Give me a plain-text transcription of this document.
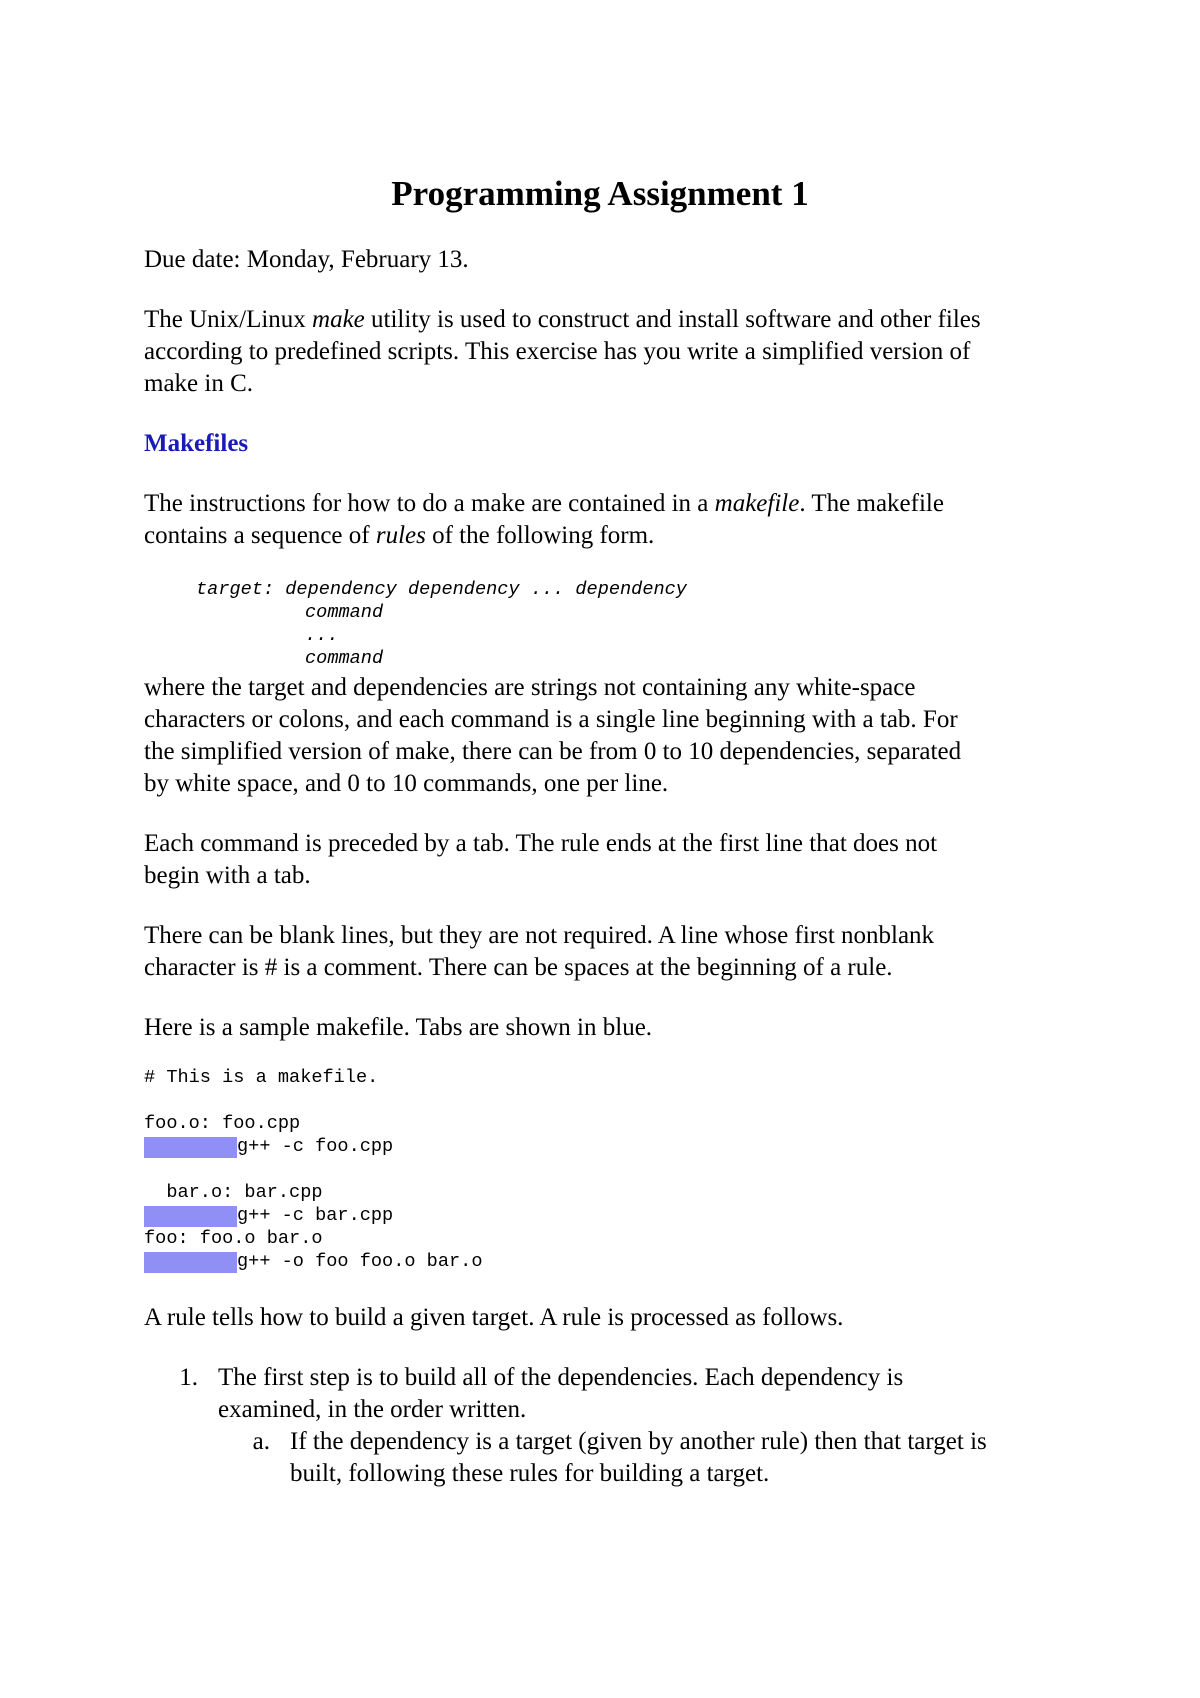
Programming Assignment 1

Due date: Monday, February 13.

The Unix/Linux make utility is used to construct and install software and other files

according to predefined scripts. This exercise has you write a simplified version of

make in C.

Makefiles

The instructions for how to do a make are contained in a makefile. The makefile

contains a sequence of rules of the following form.

target: dependency dependency ... dependency
command
...
command

where the target and dependencies are strings not containing any white-space

characters or colons, and each command is a single line beginning with a tab. For

the simplified version of make, there can be from 0 to 10 dependencies, separated

by white space, and 0 to 10 commands, one per line.

Each command is preceded by a tab. The rule ends at the first line that does not

begin with a tab.

There can be blank lines, but they are not required. A line whose first nonblank

character is # is a comment. There can be spaces at the beginning of a rule.

Here is a sample makefile. Tabs are shown in blue.

# This is a makefile.
foo.o: foo.cpp
g++ -c foo.cpp
bar.o: bar.cpp
g++ -c bar.cpp
foo: foo.o bar.o
g++ -o foo foo.o bar.o

A rule tells how to build a given target. A rule is processed as follows.

1. The first step is to build all of the dependencies. Each dependency is

examined, in the order written.

a. If the dependency is a target (given by another rule) then that target is

built, following these rules for building a target.
